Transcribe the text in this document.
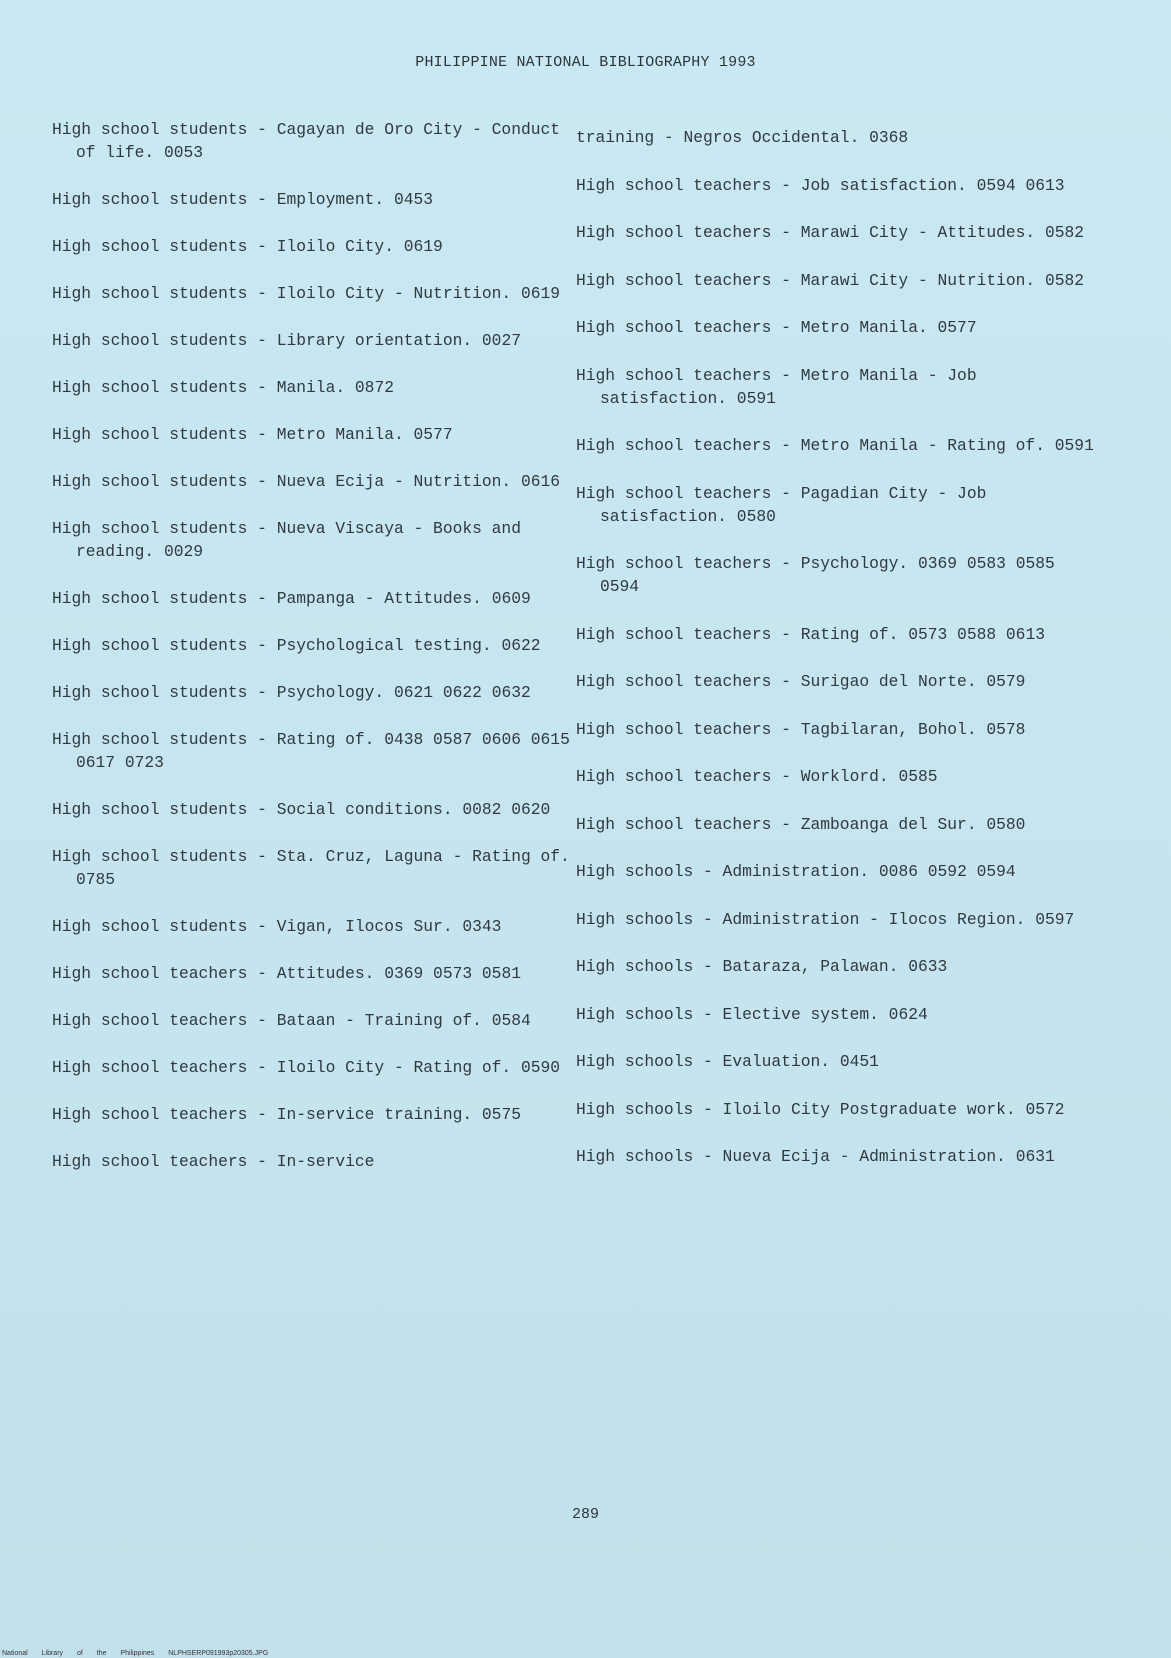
PHILIPPINE NATIONAL BIBLIOGRAPHY 1993
High school students - Cagayan de Oro City - Conduct of life. 0053
High school students - Employment. 0453
High school students - Iloilo City. 0619
High school students - Iloilo City - Nutrition. 0619
High school students - Library orientation. 0027
High school students - Manila. 0872
High school students - Metro Manila. 0577
High school students - Nueva Ecija - Nutrition. 0616
High school students - Nueva Viscaya - Books and reading. 0029
High school students - Pampanga - Attitudes. 0609
High school students - Psychological testing. 0622
High school students - Psychology. 0621 0622 0632
High school students - Rating of. 0438 0587 0606 0615 0617 0723
High school students - Social conditions. 0082 0620
High school students - Sta. Cruz, Laguna - Rating of. 0785
High school students - Vigan, Ilocos Sur. 0343
High school teachers - Attitudes. 0369 0573 0581
High school teachers - Bataan - Training of. 0584
High school teachers - Iloilo City - Rating of. 0590
High school teachers - In-service training. 0575
High school teachers - In-service
training - Negros Occidental. 0368
High school teachers - Job satisfaction. 0594 0613
High school teachers - Marawi City - Attitudes. 0582
High school teachers - Marawi City - Nutrition. 0582
High school teachers - Metro Manila. 0577
High school teachers - Metro Manila - Job satisfaction. 0591
High school teachers - Metro Manila - Rating of. 0591
High school teachers - Pagadian City - Job satisfaction. 0580
High school teachers - Psychology. 0369 0583 0585 0594
High school teachers - Rating of. 0573 0588 0613
High school teachers - Surigao del Norte. 0579
High school teachers - Tagbilaran, Bohol. 0578
High school teachers - Worklord. 0585
High school teachers - Zamboanga del Sur. 0580
High schools - Administration. 0086 0592 0594
High schools - Administration - Ilocos Region. 0597
High schools - Bataraza, Palawan. 0633
High schools - Elective system. 0624
High schools - Evaluation. 0451
High schools - Iloilo City Postgraduate work. 0572
High schools - Nueva Ecija - Administration. 0631
289
National Library of the Philippines NLPHSERP091993p20305.JPG
